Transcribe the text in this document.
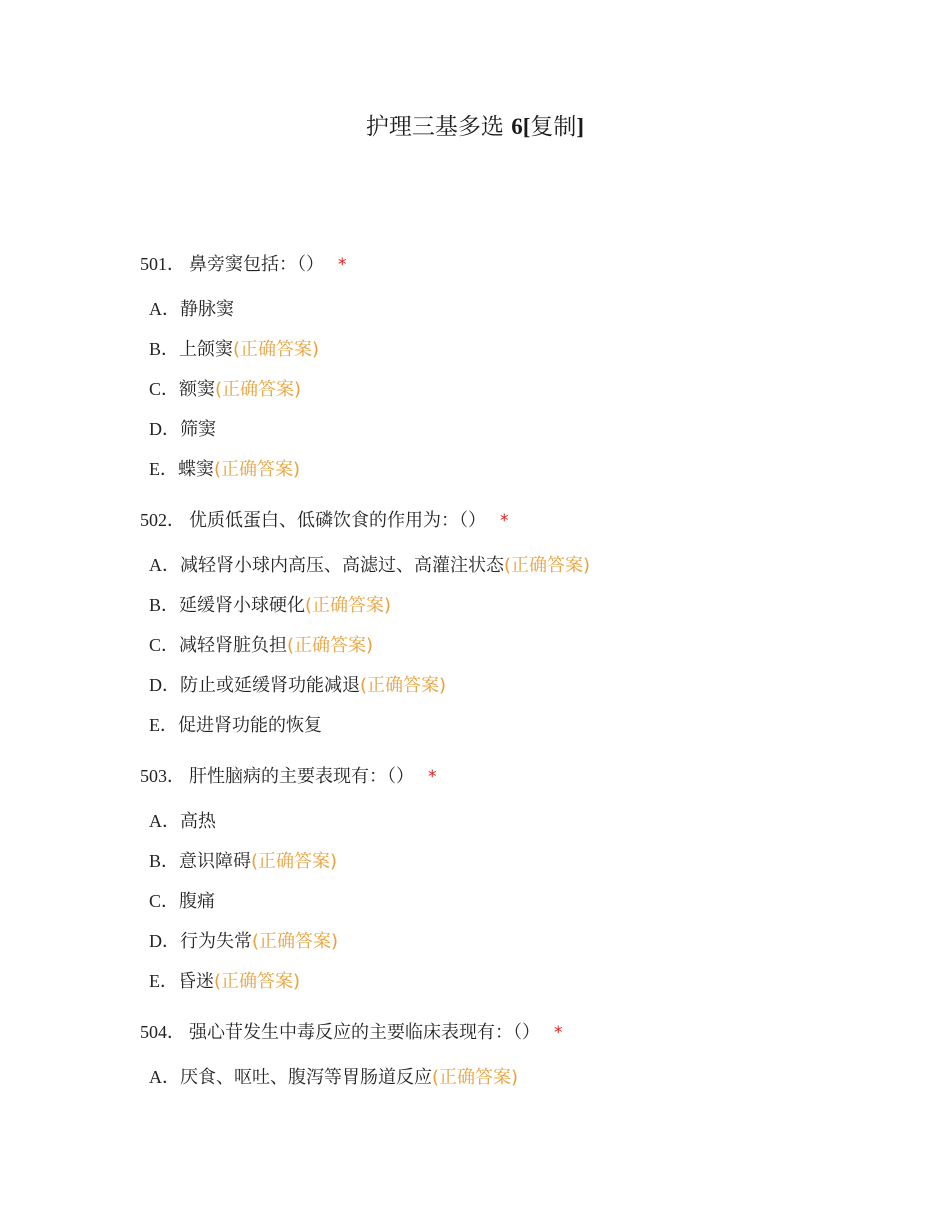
护理三基多选 6[复制]
501． 鼻旁窦包括：（） *
A．静脉窦
B．上颌窦(正确答案)
C．额窦(正确答案)
D．筛窦
E．蝶窦(正确答案)
502． 优质低蛋白、低磷饮食的作用为：（） *
A．减轻肾小球内高压、高滤过、高灌注状态(正确答案)
B．延缓肾小球硬化(正确答案)
C．减轻肾脏负担(正确答案)
D．防止或延缓肾功能减退(正确答案)
E．促进肾功能的恢复
503． 肝性脑病的主要表现有：（） *
A．高热
B．意识障碍(正确答案)
C．腹痛
D．行为失常(正确答案)
E．昏迷(正确答案)
504． 强心苷发生中毒反应的主要临床表现有：（） *
A．厌食、呕吐、腹泻等胃肠道反应(正确答案)
